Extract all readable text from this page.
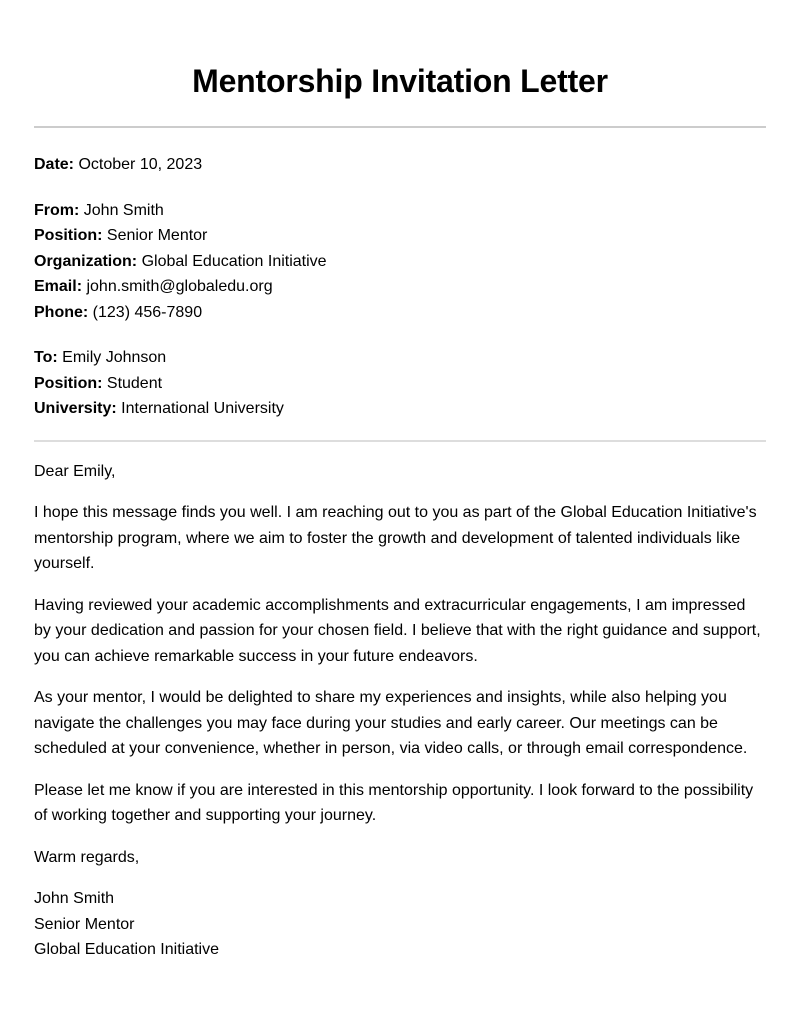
Mentorship Invitation Letter
Date: October 10, 2023
From: John Smith
Position: Senior Mentor
Organization: Global Education Initiative
Email: john.smith@globaledu.org
Phone: (123) 456-7890
To: Emily Johnson
Position: Student
University: International University

Dear Emily,

I hope this message finds you well. I am reaching out to you as part of the Global Education Initiative's mentorship program, where we aim to foster the growth and development of talented individuals like yourself.

Having reviewed your academic accomplishments and extracurricular engagements, I am impressed by your dedication and passion for your chosen field. I believe that with the right guidance and support, you can achieve remarkable success in your future endeavors.

As your mentor, I would be delighted to share my experiences and insights, while also helping you navigate the challenges you may face during your studies and early career. Our meetings can be scheduled at your convenience, whether in person, via video calls, or through email correspondence.

Please let me know if you are interested in this mentorship opportunity. I look forward to the possibility of working together and supporting your journey.

Warm regards,

John Smith
Senior Mentor
Global Education Initiative
